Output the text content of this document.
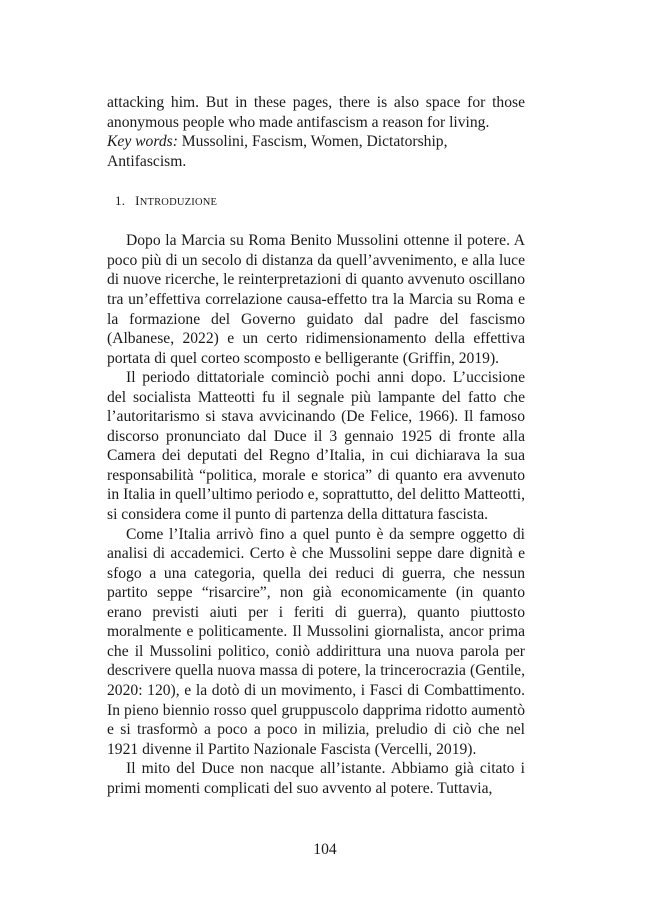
attacking him. But in these pages, there is also space for those anonymous people who made antifascism a reason for living.

Key words: Mussolini, Fascism, Women, Dictatorship,

Antifascism.

1. INTRODUZIONE

Dopo la Marcia su Roma Benito Mussolini ottenne il potere. A poco più di un secolo di distanza da quell’avvenimento, e alla luce di nuove ricerche, le reinterpretazioni di quanto avvenuto oscillano tra un’effettiva correlazione causa-effetto tra la Marcia su Roma e la formazione del Governo guidato dal padre del fascismo (Albanese, 2022) e un certo ridimensionamento della effettiva portata di quel corteo scomposto e belligerante (Griffin, 2019).

Il periodo dittatoriale cominciò pochi anni dopo. L’uccisione del socialista Matteotti fu il segnale più lampante del fatto che l’autoritarismo si stava avvicinando (De Felice, 1966). Il famoso discorso pronunciato dal Duce il 3 gennaio 1925 di fronte alla Camera dei deputati del Regno d’Italia, in cui dichiarava la sua responsabilità “politica, morale e storica” di quanto era avvenuto in Italia in quell’ultimo periodo e, soprattutto, del delitto Matteotti, si considera come il punto di partenza della dittatura fascista.

Come l’Italia arrivò fino a quel punto è da sempre oggetto di analisi di accademici. Certo è che Mussolini seppe dare dignità e sfogo a una categoria, quella dei reduci di guerra, che nessun partito seppe “risarcire”, non già economicamente (in quanto erano previsti aiuti per i feriti di guerra), quanto piuttosto moralmente e politicamente. Il Mussolini giornalista, ancor prima che il Mussolini politico, coniò addirittura una nuova parola per descrivere quella nuova massa di potere, la trincerocrazia (Gentile, 2020: 120), e la dotò di un movimento, i Fasci di Combattimento. In pieno biennio rosso quel gruppuscolo dapprima ridotto aumentò e si trasformò a poco a poco in milizia, preludio di ciò che nel 1921 divenne il Partito Nazionale Fascista (Vercelli, 2019).

Il mito del Duce non nacque all’istante. Abbiamo già citato i primi momenti complicati del suo avvento al potere. Tuttavia,

104
